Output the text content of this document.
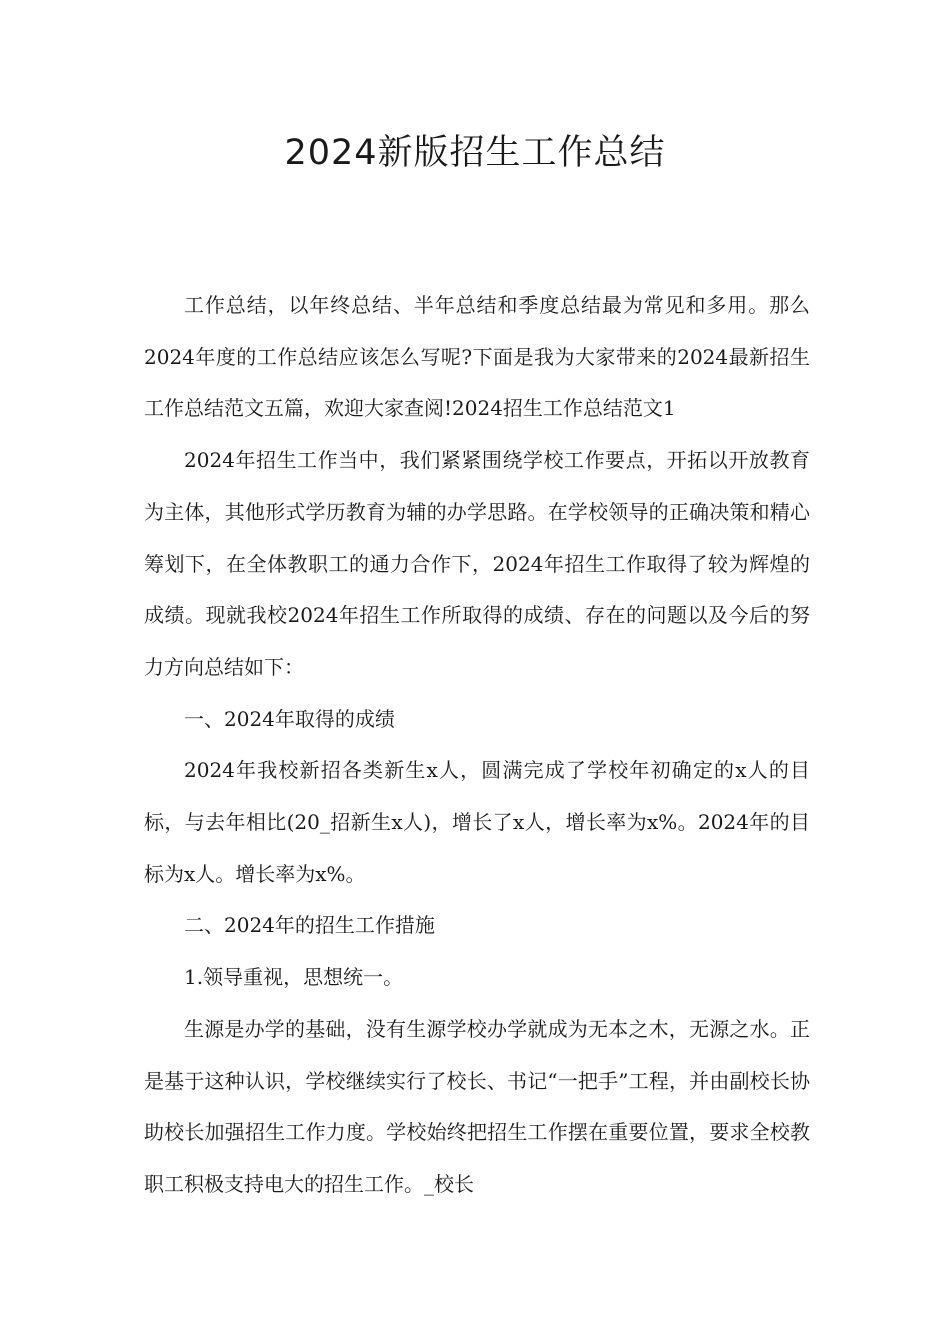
2024新版招生工作总结

工作总结，以年终总结、半年总结和季度总结最为常见和多用。那么2024年度的工作总结应该怎么写呢?下面是我为大家带来的2024最新招生工作总结范文五篇，欢迎大家查阅!2024招生工作总结范文1

2024年招生工作当中，我们紧紧围绕学校工作要点，开拓以开放教育为主体，其他形式学历教育为辅的办学思路。在学校领导的正确决策和精心筹划下，在全体教职工的通力合作下，2024年招生工作取得了较为辉煌的成绩。现就我校2024年招生工作所取得的成绩、存在的问题以及今后的努力方向总结如下：

一、2024年取得的成绩

2024年我校新招各类新生x人，圆满完成了学校年初确定的x人的目标，与去年相比(20_招新生x人)，增长了x人，增长率为x%。2024年的目标为x人。增长率为x%。

二、2024年的招生工作措施

1.领导重视，思想统一。

生源是办学的基础，没有生源学校办学就成为无本之木，无源之水。正是基于这种认识，学校继续实行了校长、书记“一把手”工程，并由副校长协助校长加强招生工作力度。学校始终把招生工作摆在重要位置，要求全校教职工积极支持电大的招生工作。_校长
